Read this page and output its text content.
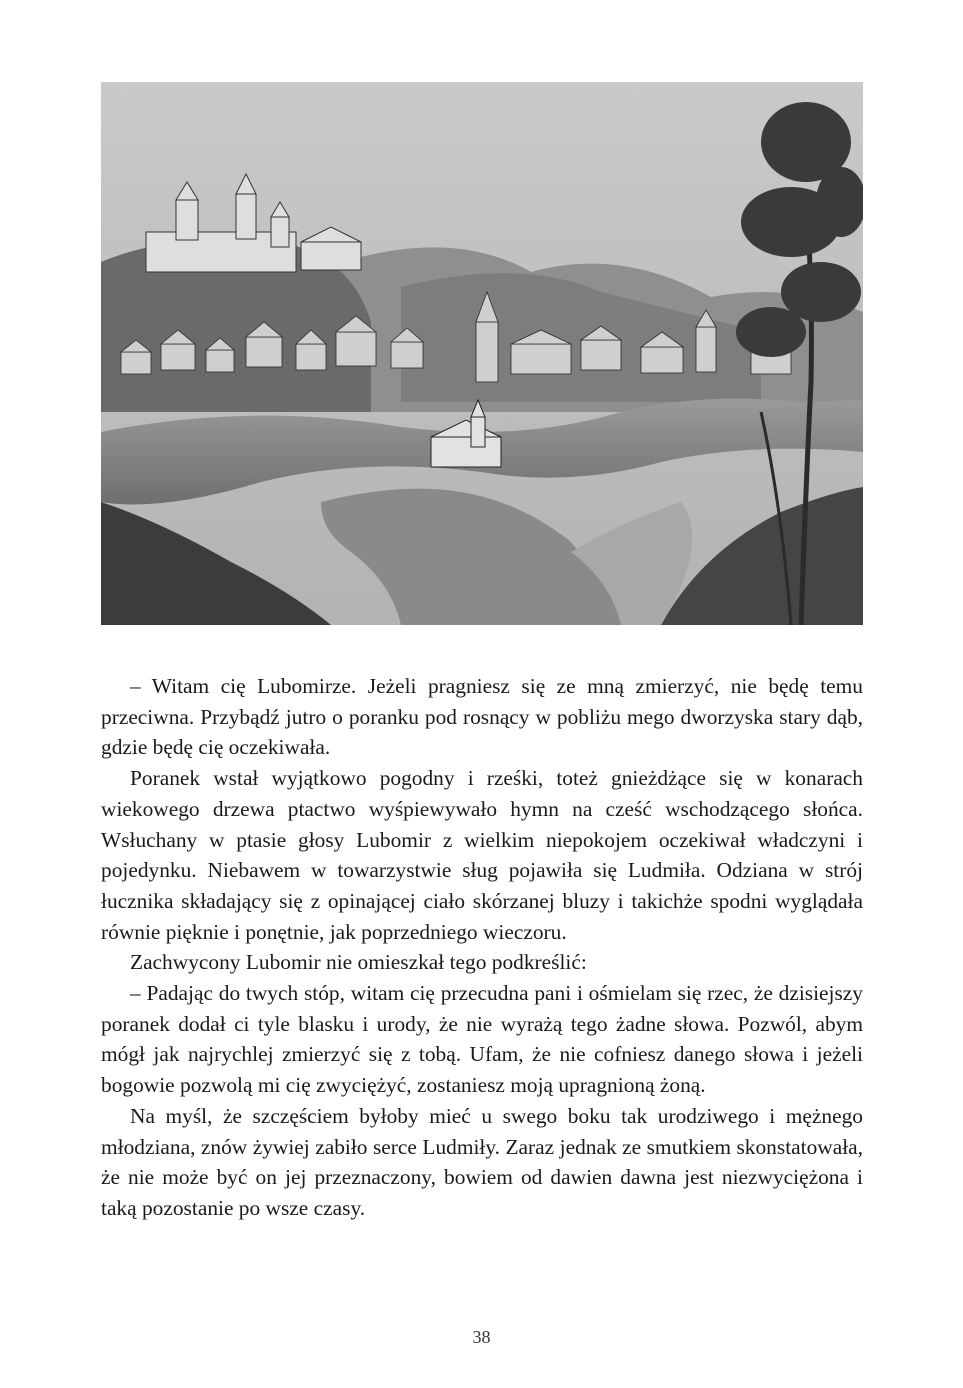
– Witam cię Lubomirze. Jeżeli pragniesz się ze mną zmierzyć, nie będę temu przeciwna. Przybądź jutro o poranku pod rosnący w pobliżu mego dworzyska stary dąb, gdzie będę cię oczekiwała.

Poranek wstał wyjątkowo pogodny i rześki, toteż gnieżdżące się w konarach wiekowego drzewa ptactwo wyśpiewywało hymn na cześć wschodzącego słońca. Wsłuchany w ptasie głosy Lubomir z wielkim niepokojem oczekiwał władczyni i pojedynku. Niebawem w towarzystwie sług pojawiła się Ludmiła. Odziana w strój łucznika składający się z opinającej ciało skórzanej bluzy i takichże spodni wyglądała równie pięknie i ponętnie, jak poprzedniego wieczoru.

Zachwycony Lubomir nie omieszkał tego podkreślić:

– Padając do twych stóp, witam cię przecudna pani i ośmielam się rzec, że dzisiejszy poranek dodał ci tyle blasku i urody, że nie wyrażą tego żadne słowa. Pozwól, abym mógł jak najrychlej zmierzyć się z tobą. Ufam, że nie cofniesz danego słowa i jeżeli bogowie pozwolą mi cię zwyciężyć, zostaniesz moją upragnioną żoną.

Na myśl, że szczęściem byłoby mieć u swego boku tak urodziwego i mężnego młodziana, znów żywiej zabiło serce Ludmiły. Zaraz jednak ze smutkiem skonstatowała, że nie może być on jej przeznaczony, bowiem od dawien dawna jest niezwyciężona i taką pozostanie po wsze czasy.

38
